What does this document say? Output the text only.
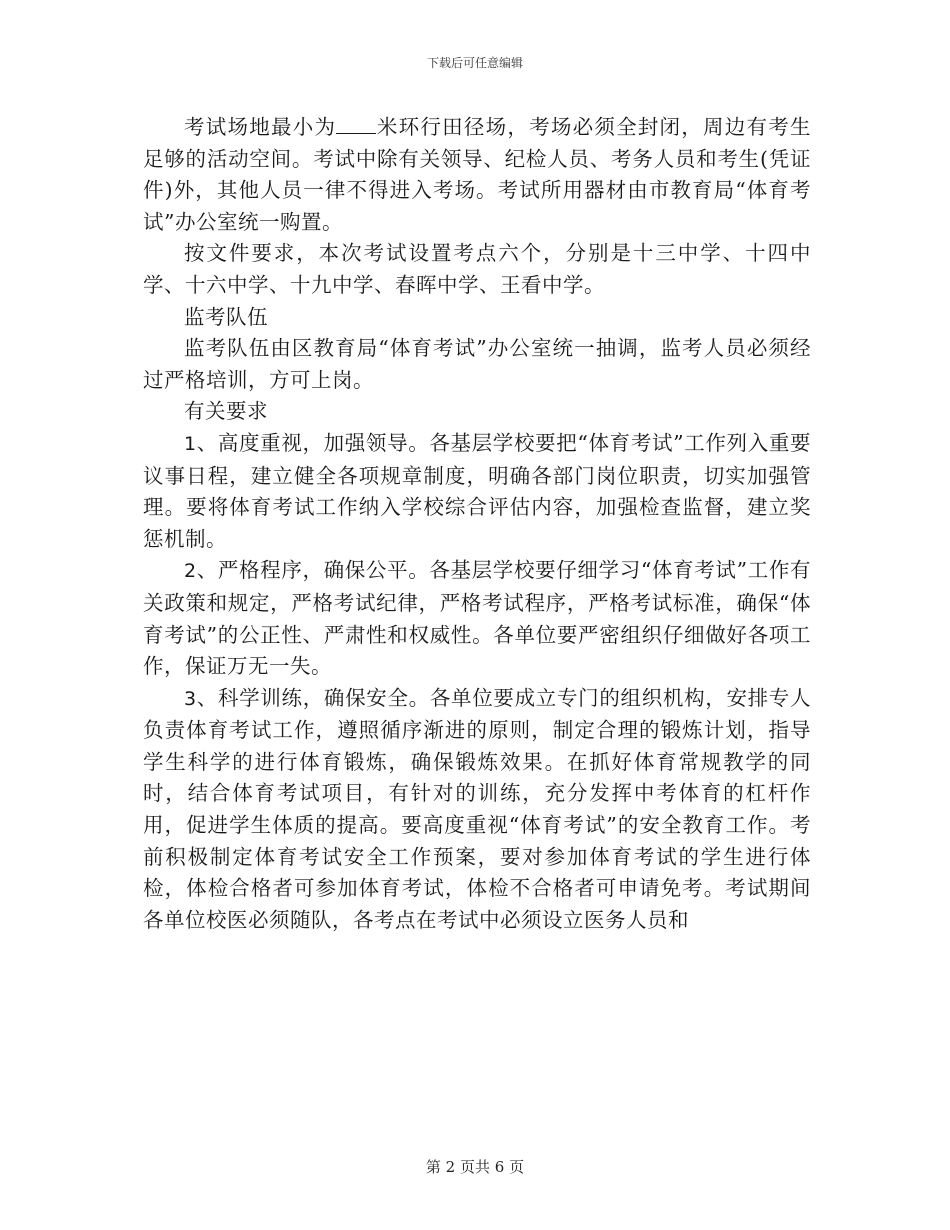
下载后可任意编辑

考试场地最小为 米环行田径场，考场必须全封闭，周边有考生足够的活动空间。考试中除有关领导、纪检人员、考务人员和考生(凭证件)外，其他人员一律不得进入考场。考试所用器材由市教育局“体育考试”办公室统一购置。

按文件要求，本次考试设置考点六个，分别是十三中学、十四中学、十六中学、十九中学、春晖中学、王看中学。

监考队伍

监考队伍由区教育局“体育考试”办公室统一抽调，监考人员必须经过严格培训，方可上岗。

有关要求

1、高度重视，加强领导。各基层学校要把“体育考试”工作列入重要议事日程，建立健全各项规章制度，明确各部门岗位职责，切实加强管理。要将体育考试工作纳入学校综合评估内容，加强检查监督，建立奖惩机制。

2、严格程序，确保公平。各基层学校要仔细学习“体育考试”工作有关政策和规定，严格考试纪律，严格考试程序，严格考试标准，确保“体育考试”的公正性、严肃性和权威性。各单位要严密组织仔细做好各项工作，保证万无一失。

3、科学训练，确保安全。各单位要成立专门的组织机构，安排专人负责体育考试工作，遵照循序渐进的原则，制定合理的锻炼计划，指导学生科学的进行体育锻炼，确保锻炼效果。在抓好体育常规教学的同时，结合体育考试项目，有针对的训练，充分发挥中考体育的杠杆作用，促进学生体质的提高。要高度重视“体育考试”的安全教育工作。考前积极制定体育考试安全工作预案，要对参加体育考试的学生进行体检，体检合格者可参加体育考试，体检不合格者可申请免考。考试期间各单位校医必须随队，各考点在考试中必须设立医务人员和

第 2 页共 6 页
